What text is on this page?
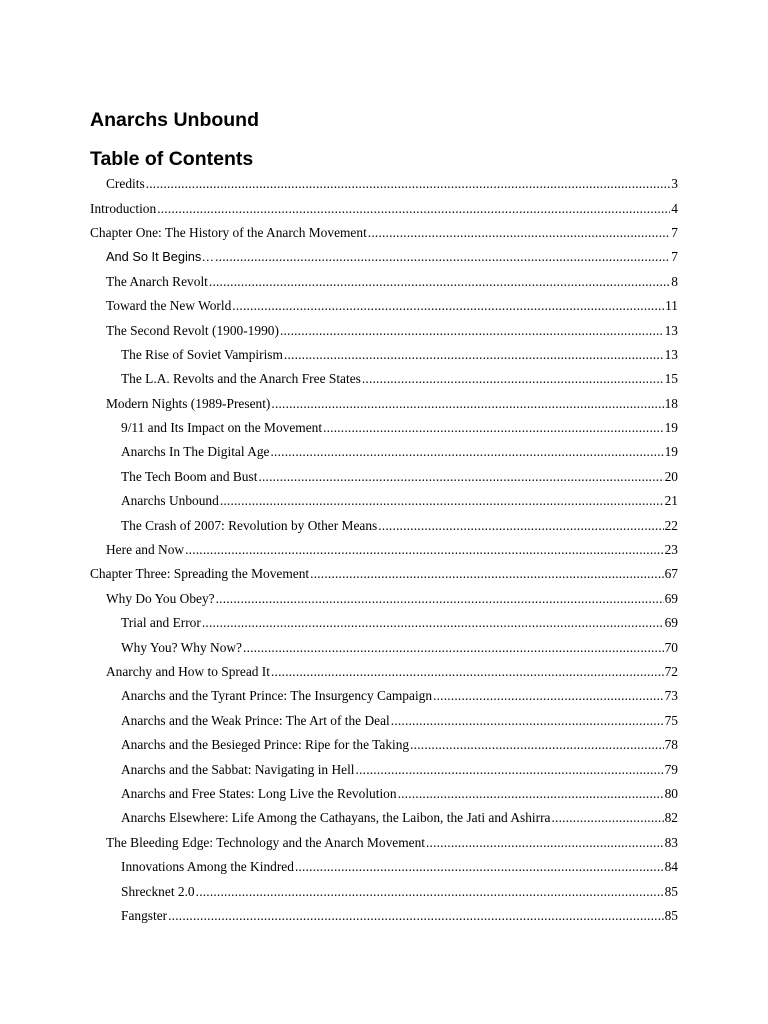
Anarchs Unbound
Table of Contents
Credits .....	3
Introduction .....	4
Chapter One: The History of the Anarch Movement .....	7
And So It Begins… .....	7
The Anarch Revolt .....	8
Toward the New World .....	11
The Second Revolt (1900-1990) .....	13
The Rise of Soviet Vampirism .....	13
The L.A. Revolts and the Anarch Free States .....	15
Modern Nights (1989-Present) .....	18
9/11 and Its Impact on the Movement .....	19
Anarchs In The Digital Age .....	19
The Tech Boom and Bust .....	20
Anarchs Unbound .....	21
The Crash of 2007: Revolution by Other Means .....	22
Here and Now .....	23
Chapter Three: Spreading the Movement .....	67
Why Do You Obey? .....	69
Trial and Error .....	69
Why You? Why Now? .....	70
Anarchy and How to Spread It .....	72
Anarchs and the Tyrant Prince: The Insurgency Campaign .....	73
Anarchs and the Weak Prince: The Art of the Deal .....	75
Anarchs and the Besieged Prince: Ripe for the Taking .....	78
Anarchs and the Sabbat: Navigating in Hell .....	79
Anarchs and Free States: Long Live the Revolution .....	80
Anarchs Elsewhere: Life Among the Cathayans, the Laibon, the Jati and Ashirra .....	82
The Bleeding Edge: Technology and the Anarch Movement .....	83
Innovations Among the Kindred .....	84
Shrecknet 2.0 .....	85
Fangster .....	85
